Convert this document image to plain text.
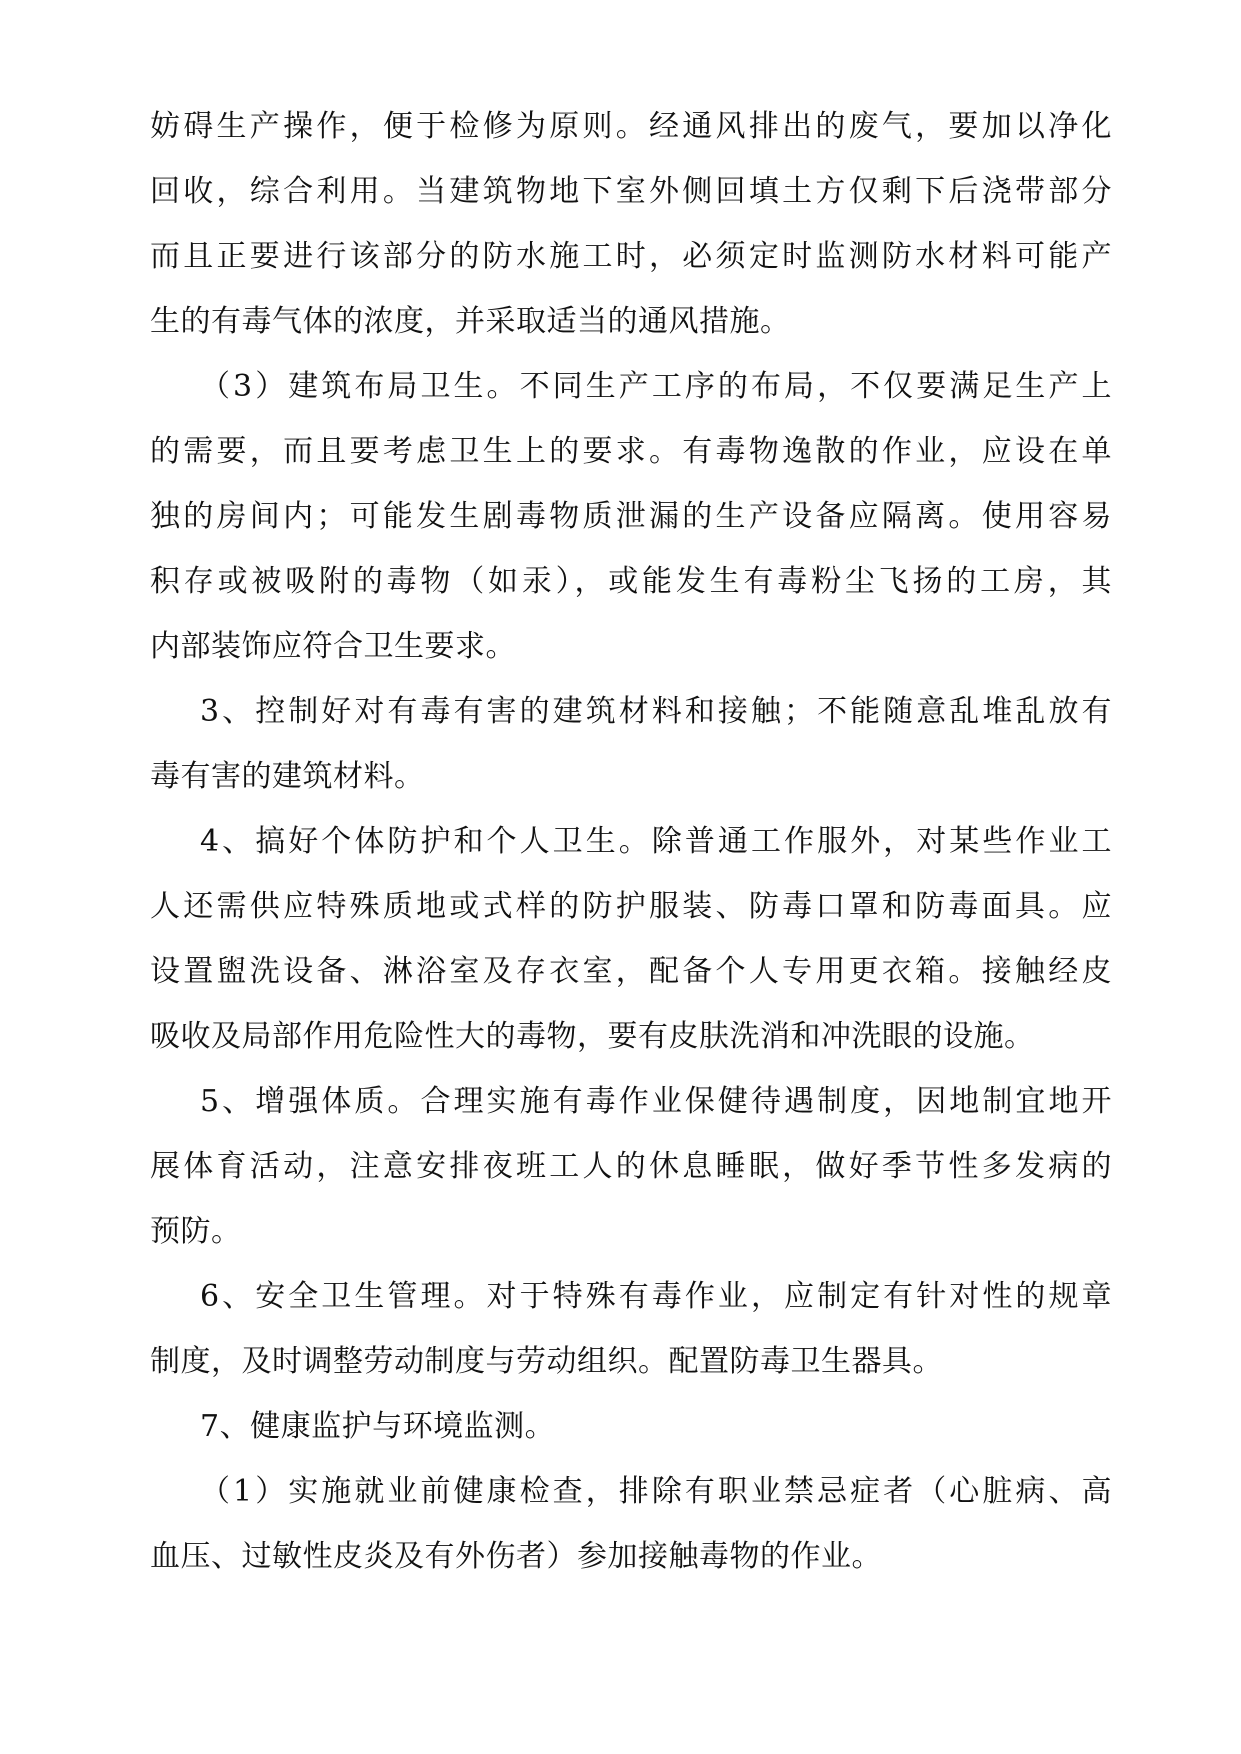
妨碍生产操作，便于检修为原则。经通风排出的废气，要加以净化

回收，综合利用。当建筑物地下室外侧回填土方仅剩下后浇带部分

而且正要进行该部分的防水施工时，必须定时监测防水材料可能产

生的有毒气体的浓度，并采取适当的通风措施。

（3）建筑布局卫生。不同生产工序的布局，不仅要满足生产上

的需要，而且要考虑卫生上的要求。有毒物逸散的作业，应设在单

独的房间内；可能发生剧毒物质泄漏的生产设备应隔离。使用容易

积存或被吸附的毒物（如汞），或能发生有毒粉尘飞扬的工房，其

内部装饰应符合卫生要求。

3、控制好对有毒有害的建筑材料和接触；不能随意乱堆乱放有

毒有害的建筑材料。

4、搞好个体防护和个人卫生。除普通工作服外，对某些作业工

人还需供应特殊质地或式样的防护服装、防毒口罩和防毒面具。应

设置盥洗设备、淋浴室及存衣室，配备个人专用更衣箱。接触经皮

吸收及局部作用危险性大的毒物，要有皮肤洗消和冲洗眼的设施。

5、增强体质。合理实施有毒作业保健待遇制度，因地制宜地开

展体育活动，注意安排夜班工人的休息睡眠，做好季节性多发病的

预防。

6、安全卫生管理。对于特殊有毒作业，应制定有针对性的规章

制度，及时调整劳动制度与劳动组织。配置防毒卫生器具。

7、健康监护与环境监测。

（1）实施就业前健康检查，排除有职业禁忌症者（心脏病、高

血压、过敏性皮炎及有外伤者）参加接触毒物的作业。
